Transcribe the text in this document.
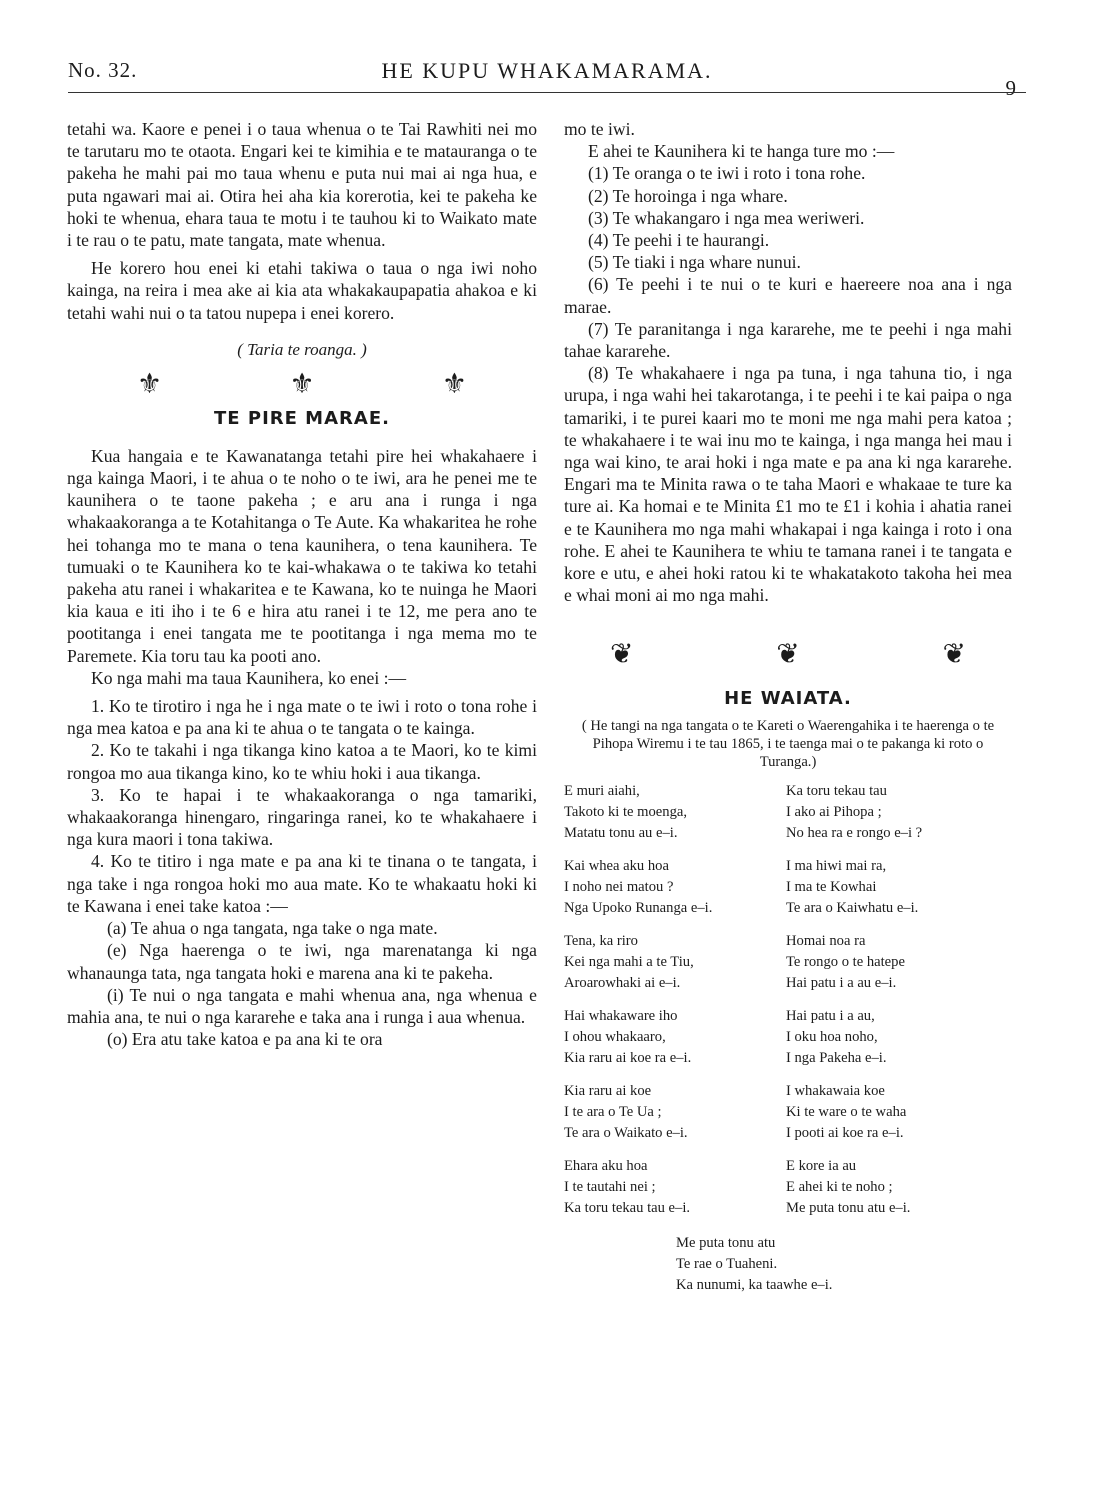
No. 32.	HE KUPU WHAKAMARAMA.
9

tetahi wa. Kaore e penei i o taua whenua o te Tai Rawhiti nei mo te tarutaru mo te otaota. Engari kei te kimihia e te matauranga o te pakeha he mahi pai mo taua whenu e puta nui mai ai nga hua, e puta ngawari mai ai. Otira hei aha kia korerotia, kei te pakeha ke hoki te whenua, ehara taua te motu i te tauhou ki to Waikato mate i te rau o te patu, mate tangata, mate whenua.

He korero hou enei ki etahi takiwa o taua o nga iwi noho kainga, na reira i mea ake ai kia ata whakakaupapatia ahakoa e ki tetahi wahi nui o ta tatou nupepa i enei korero.

( Taria te roanga. )
⚜	⚜	⚜
TE PIRE MARAE.

Kua hangaia e te Kawanatanga tetahi pire hei whakahaere i nga kainga Maori, i te ahua o te noho o te iwi, ara he penei me te kaunihera o te taone pakeha ; e aru ana i runga i nga whakaakoranga a te Kotahitanga o Te Aute. Ka whakaritea he rohe hei tohanga mo te mana o tena kaunihera, o tena kaunihera. Te tumuaki o te Kaunihera ko te kai-whakawa o te takiwa ko tetahi pakeha atu ranei i whakaritea e te Kawana, ko te nuinga he Maori kia kaua e iti iho i te 6 e hira atu ranei i te 12, me pera ano te pootitanga i enei tangata me te pootitanga i nga mema mo te Paremete. Kia toru tau ka pooti ano.

Ko nga mahi ma taua Kaunihera, ko enei :—

1. Ko te tirotiro i nga he i nga mate o te iwi i roto o tona rohe i nga mea katoa e pa ana ki te ahua o te tangata o te kainga.

2. Ko te takahi i nga tikanga kino katoa a te Maori, ko te kimi rongoa mo aua tikanga kino, ko te whiu hoki i aua tikanga.

3. Ko te hapai i te whakaakoranga o nga tamariki, whakaakoranga hinengaro, ringaringa ranei, ko te whakahaere i nga kura maori i tona takiwa.

4. Ko te titiro i nga mate e pa ana ki te tinana o te tangata, i nga take i nga rongoa hoki mo aua mate. Ko te whakaatu hoki ki te Kawana i enei take katoa :—

(a) Te ahua o nga tangata, nga take o nga mate.

(e) Nga haerenga o te iwi, nga marenatanga ki nga whanaunga tata, nga tangata hoki e marena ana ki te pakeha.

(i) Te nui o nga tangata e mahi whenua ana, nga whenua e mahia ana, te nui o nga kararehe e taka ana i runga i aua whenua.

(o) Era atu take katoa e pa ana ki te ora

mo te iwi.

E ahei te Kaunihera ki te hanga ture mo :—

(1) Te oranga o te iwi i roto i tona rohe.

(2) Te horoinga i nga whare.

(3) Te whakangaro i nga mea weriweri.

(4) Te peehi i te haurangi.

(5) Te tiaki i nga whare nunui.

(6) Te peehi i te nui o te kuri e haereere noa ana i nga marae.

(7) Te paranitanga i nga kararehe, me te peehi i nga mahi tahae kararehe.

(8) Te whakahaere i nga pa tuna, i nga tahuna tio, i nga urupa, i nga wahi hei takarotanga, i te peehi i te kai paipa o nga tamariki, i te purei kaari mo te moni me nga mahi pera katoa ; te whakahaere i te wai inu mo te kainga, i nga manga hei mau i nga wai kino, te arai hoki i nga mate e pa ana ki nga kararehe. Engari ma te Minita rawa o te taha Maori e whakaae te ture ka ture ai. Ka homai e te Minita £1 mo te £1 i kohia i ahatia ranei e te Kaunihera mo nga mahi whakapai i nga kainga i roto i ona rohe. E ahei te Kaunihera te whiu te tamana ranei i te tangata e kore e utu, e ahei hoki ratou ki te whakatakoto takoha hei mea e whai moni ai mo nga mahi.

❦	❦	❦
HE WAIATA.
( He tangi na nga tangata o te Kareti o Waerengahika i te haerenga o te Pihopa Wiremu i te tau 1865, i te taenga mai o te pakanga ki roto o Turanga.)
E muri aiahi,
Takoto ki te moenga,
Matatu tonu au e–i.
Ka toru tekau tau
I ako ai Pihopa ;
No hea ra e rongo e–i ?
Kai whea aku hoa
I noho nei matou ?
Nga Upoko Runanga e–i.
I ma hiwi mai ra,
I ma te Kowhai
Te ara o Kaiwhatu e–i.
Tena, ka riro
Kei nga mahi a te Tiu,
Aroarowhaki ai e–i.
Homai noa ra
Te rongo o te hatepe
Hai patu i a au e–i.
Hai whakaware iho
I ohou whakaaro,
Kia raru ai koe ra e–i.
Hai patu i a au,
I oku hoa noho,
I nga Pakeha e–i.
Kia raru ai koe
I te ara o Te Ua ;
Te ara o Waikato e–i.
I whakawaia koe
Ki te ware o te waha
I pooti ai koe ra e–i.
Ehara aku hoa
I te tautahi nei ;
Ka toru tekau tau e–i.
E kore ia au
E ahei ki te noho ;
Me puta tonu atu e–i.
Me puta tonu atu
Te rae o Tuaheni.
Ka nunumi, ka taawhe e–i.
